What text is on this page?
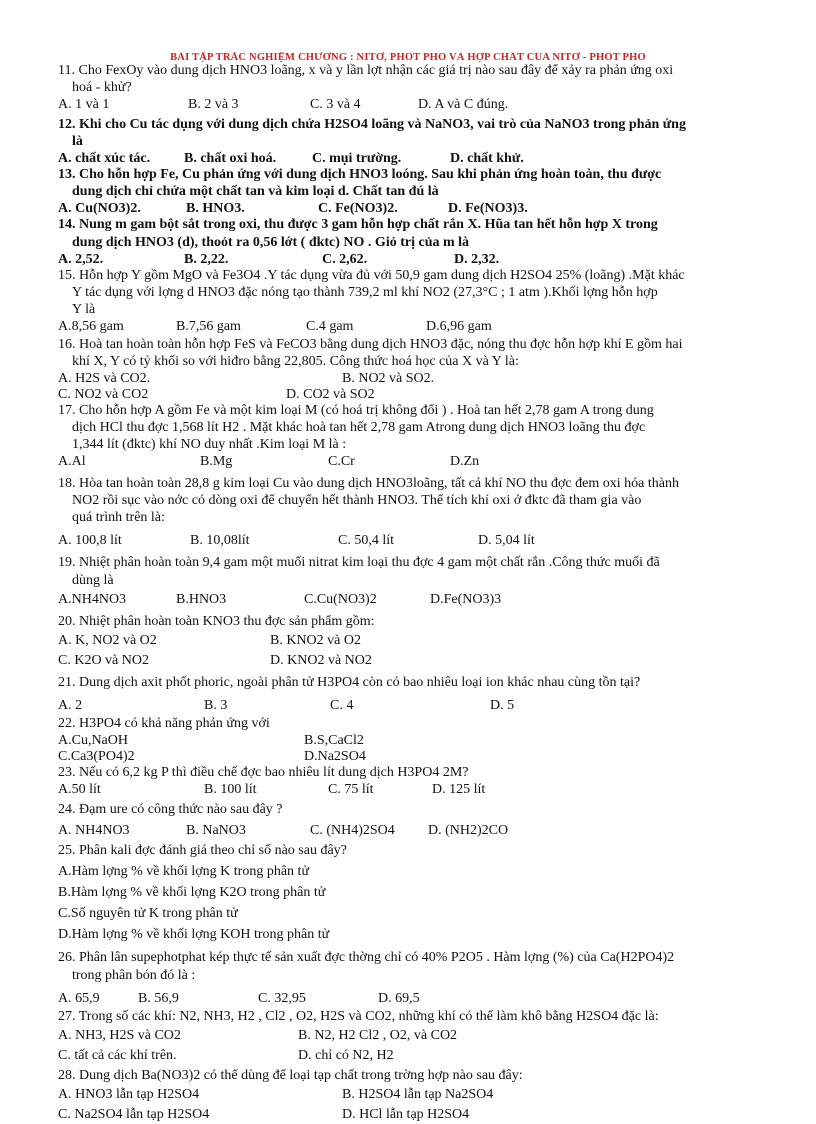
BÀI TẬP TRẮC NGHIỆM CHƯƠNG : NITƠ, PHỐT PHO VÀ HỢP CHẤT CỦA NITƠ - PHỐT PHO
11. Cho FexOy vào dung dịch HNO3 loãng, x và y lần lợt nhận các giá trị nào sau đây để xảy ra phản ứng oxi
hoá - khử?
A. 1 và 1	B. 2 và 3	C. 3 và 4	D. A và C đúng.
12. Khi cho Cu tác dụng với dung dịch chứa H2SO4 loãng và NaNO3, vai trò của NaNO3 trong phản ứng
là
A. chất xúc tác. B. chất oxi hoá.	C. mụi trường.	D. chất khử.
13. Cho hỗn hợp Fe, Cu phản ứng với dung dịch HNO3 loóng. Sau khi phản ứng hoàn toàn, thu được
dung dịch chỉ chứa một chất tan và kim loại d. Chất tan đú là
A. Cu(NO3)2.	B. HNO3.	C. Fe(NO3)2.	D. Fe(NO3)3.
14. Nung m gam bột sắt trong oxi, thu được 3 gam hỗn hợp chất rắn X. Hũa tan hết hỗn hợp X trong
dung dịch HNO3 (d), thoỏt ra 0,56 lớt ( đktc) NO . Giỏ trị của m là
A. 2,52.	B. 2,22.	C. 2,62.	D. 2,32.
15. Hỗn hợp Y gồm MgO và Fe3O4 .Y tác dụng vừa đủ với 50,9 gam dung dịch H2SO4 25% (loãng) .Mặt khác
Y tác dụng với lợng d HNO3 đặc nóng tạo thành 739,2 ml khí NO2 (27,3°C ; 1 atm ).Khối lợng hỗn hợp
Y là
A.8,56 gam	B.7,56 gam	C.4 gam	D.6,96 gam
16. Hoà tan hoàn toàn hỗn hợp FeS và FeCO3 bằng dung dịch HNO3 đặc, nóng thu đợc hỗn hợp khí E gồm hai
khí X, Y có tỷ khối so với hiđro bằng 22,805. Công thức hoá học của X và Y là:
A. H2S và CO2.	B. NO2 và SO2.
C. NO2 và CO2	D. CO2 và SO2
17. Cho hỗn hợp A gồm Fe và một kim loại M (có hoá trị không đổi ) . Hoà tan hết 2,78 gam A trong dung
dịch HCl thu đợc 1,568 lít H2 . Mặt khác hoà tan hết 2,78 gam Atrong dung dịch HNO3 loãng thu đợc
1,344 lít (đktc) khí NO duy nhất .Kim loại M là :
A.Al	B.Mg	C.Cr	D.Zn
18. Hòa tan hoàn toàn 28,8 g kim loại Cu vào dung dịch HNO3loãng, tất cả khí NO thu đợc đem oxi hóa thành
NO2 rồi sục vào nớc có dòng oxi để chuyển hết thành HNO3. Thể tích khí oxi ở đktc đã tham gia vào
quá trình trên là:
A. 100,8 lít	B. 10,08lít	C. 50,4 lít	D. 5,04 lít
19. Nhiệt phân hoàn toàn 9,4 gam một muối nitrat kim loại thu đợc 4 gam một chất rắn .Công thức muối đã
dùng là
A.NH4NO3	B.HNO3	C.Cu(NO3)2	D.Fe(NO3)3
20. Nhiệt phân hoàn toàn KNO3 thu đợc sản phẩm gồm:
A. K, NO2 và O2	B. KNO2 và O2
C. K2O và NO2	D. KNO2 và NO2
21. Dung dịch axit phốt phoric, ngoài phân tử H3PO4 còn có bao nhiêu loại ion khác nhau cùng tồn tại?
A. 2	B. 3	C. 4	D. 5
22. H3PO4 có khả năng phản ứng với
A.Cu,NaOH	B.S,CaCl2
C.Ca3(PO4)2	D.Na2SO4
23. Nếu có 6,2 kg P thì điều chế đợc bao nhiêu lít dung dịch H3PO4 2M?
A.50 lít	B. 100 lít	C. 75 lít	D. 125 lít
24. Đạm ure có công thức nào sau đây ?
A. NH4NO3	B. NaNO3	C. (NH4)2SO4 D. (NH2)2CO
25. Phân kali đợc đánh giá theo chỉ số nào sau đây?
A.Hàm lợng % về khối lợng K trong phân tử
B.Hàm lợng % về khối lợng K2O trong phân tử
C.Số nguyên tử K trong phân tử
D.Hàm lợng % về khối lợng KOH trong phân tử
26. Phân lân supephotphat kép thực tế sản xuất đợc thờng chỉ có 40% P2O5 . Hàm lợng (%) của Ca(H2PO4)2
trong phân bón đó là :
A. 65,9	B. 56,9	C. 32,95	D. 69,5
27. Trong số các khí: N2, NH3, H2 , Cl2 , O2, H2S và CO2, những khí có thể làm khô bằng H2SO4 đặc là:
A. NH3, H2S và CO2	B. N2, H2 Cl2 , O2, và CO2
C. tất cả các khí trên.	D. chỉ có N2, H2
28. Dung dịch Ba(NO3)2 có thể dùng để loại tạp chất trong trờng hợp nào sau đây:
A. HNO3 lẫn tạp H2SO4	B. H2SO4 lẫn tạp Na2SO4
C. Na2SO4 lẫn tạp H2SO4	D. HCl lẫn tạp H2SO4
